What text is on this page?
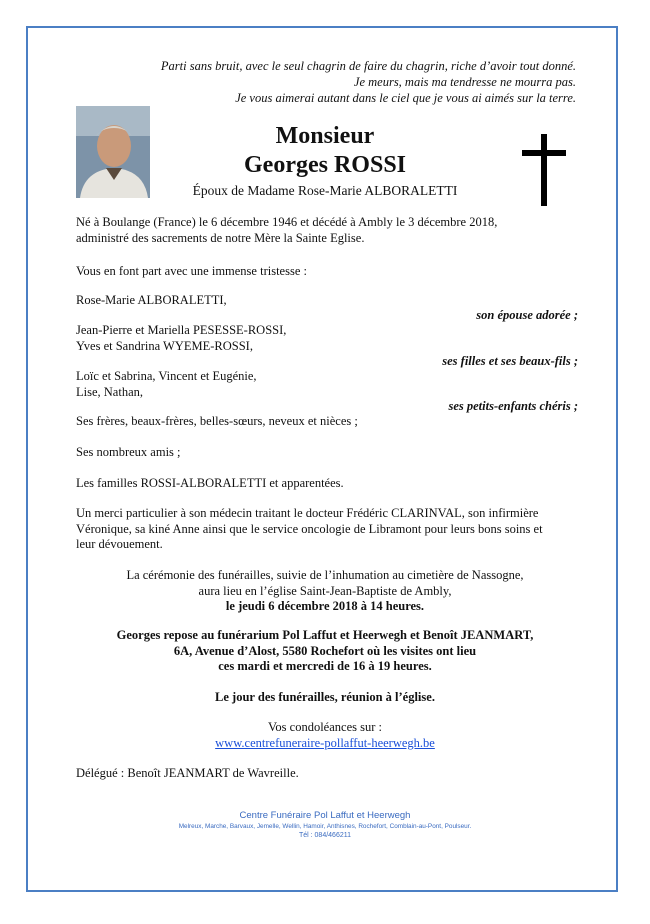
Parti sans bruit, avec le seul chagrin de faire du chagrin, riche d’avoir tout donné.
Je meurs, mais ma tendresse ne mourra pas.
Je vous aimerai autant dans le ciel que je vous ai aimés sur la terre.
Monsieur
Georges ROSSI
Époux de Madame Rose-Marie ALBORALETTI
Né à Boulange (France) le 6 décembre 1946 et décédé à Ambly le 3 décembre 2018,
administré des sacrements de notre Mère la Sainte Eglise.
Vous en font part avec une immense tristesse :
Rose-Marie ALBORALETTI,
son épouse adorée ;
Jean-Pierre et Mariella PESESSE-ROSSI,
Yves et Sandrina WYEME-ROSSI,
ses filles et ses beaux-fils ;
Loïc et Sabrina, Vincent et Eugénie,
Lise, Nathan,
ses petits-enfants chéris ;
Ses frères, beaux-frères, belles-sœurs, neveux et nièces ;
Ses nombreux amis ;
Les familles ROSSI-ALBORALETTI et apparentées.
Un merci particulier à son médecin traitant le docteur Frédéric CLARINVAL, son infirmière
Véronique, sa kiné Anne ainsi que le service oncologie de Libramont pour leurs bons soins et
leur dévouement.
La cérémonie des funérailles, suivie de l’inhumation au cimetière de Nassogne,
aura lieu en l’église Saint-Jean-Baptiste de Ambly,
le jeudi 6 décembre 2018 à 14 heures.
Georges repose au funérarium Pol Laffut et Heerwegh et Benoît JEANMART,
6A, Avenue d’Alost, 5580 Rochefort où les visites ont lieu
ces mardi et mercredi de 16 à 19 heures.
Le jour des funérailles, réunion à l’église.
Vos condoléances sur :
www.centrefuneraire-pollaffut-heerwegh.be
Délégué : Benoît JEANMART de Wavreille.
Centre Funéraire Pol Laffut et Heerwegh
Melreux, Marche, Barvaux, Jemelle, Wellin, Hamoir, Anthisnes, Rochefort, Comblain-au-Pont, Poulseur.
Tél : 084/466211
